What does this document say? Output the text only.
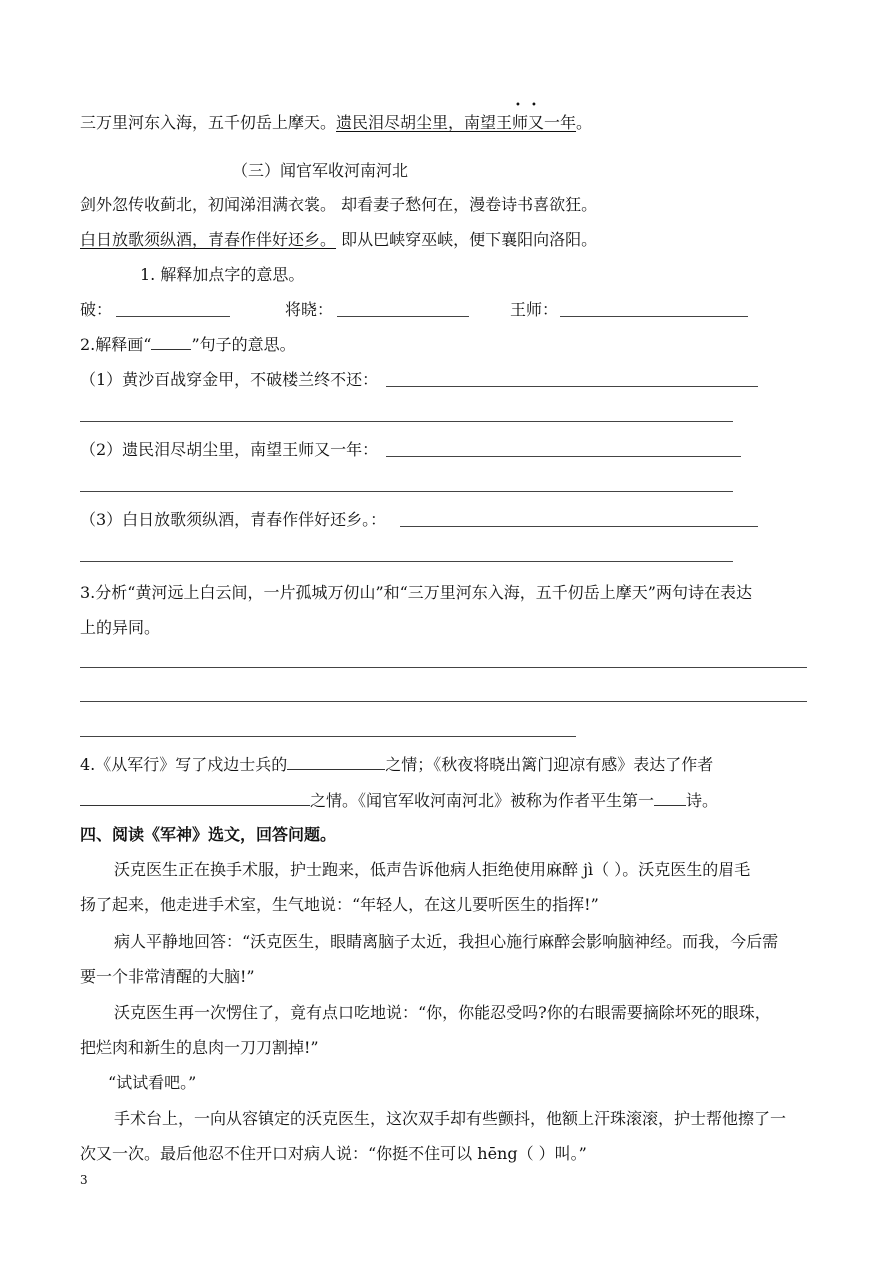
• •
三万里河东入海，五千仞岳上摩天。遗民泪尽胡尘里，南望王师又一年。
（三）闻官军收河南河北
剑外忽传收蓟北，初闻涕泪满衣裳。 却看妻子愁何在，漫卷诗书喜欲狂。
白日放歌须纵酒，青春作伴好还乡。 即从巴峡穿巫峡，便下襄阳向洛阳。
1. 解释加点字的意思。
破：	将晓：	王师：
2.解释画“	”句子的意思。
（1）黄沙百战穿金甲，不破楼兰终不还：
（2）遗民泪尽胡尘里，南望王师又一年：
（3）白日放歌须纵酒，青春作伴好还乡。：
3.分析“黄河远上白云间，一片孤城万仞山”和“三万里河东入海，五千仞岳上摩天”两句诗在表达
上的异同。
4.《从军行》写了戍边士兵的	之情；《秋夜将晓出篱门迎凉有感》表达了作者
之情。《闻官军收河南河北》被称为作者平生第一 诗。
四、阅读《军神》选文，回答问题。
沃克医生正在换手术服，护士跑来，低声告诉他病人拒绝使用麻醉 jì（ ）。沃克医生的眉毛
扬了起来，他走进手术室，生气地说：“年轻人，在这儿要听医生的指挥!”
病人平静地回答：“沃克医生，眼睛离脑子太近，我担心施行麻醉会影响脑神经。而我，今后需
要一个非常清醒的大脑!”
沃克医生再一次愣住了，竟有点口吃地说：“你，你能忍受吗?你的右眼需要摘除坏死的眼珠，
把烂肉和新生的息肉一刀刀割掉!”
“试试看吧。”
手术台上，一向从容镇定的沃克医生，这次双手却有些颤抖，他额上汗珠滚滚，护士帮他擦了一
次又一次。最后他忍不住开口对病人说：“你挺不住可以 hēng（ ）叫。”
3
